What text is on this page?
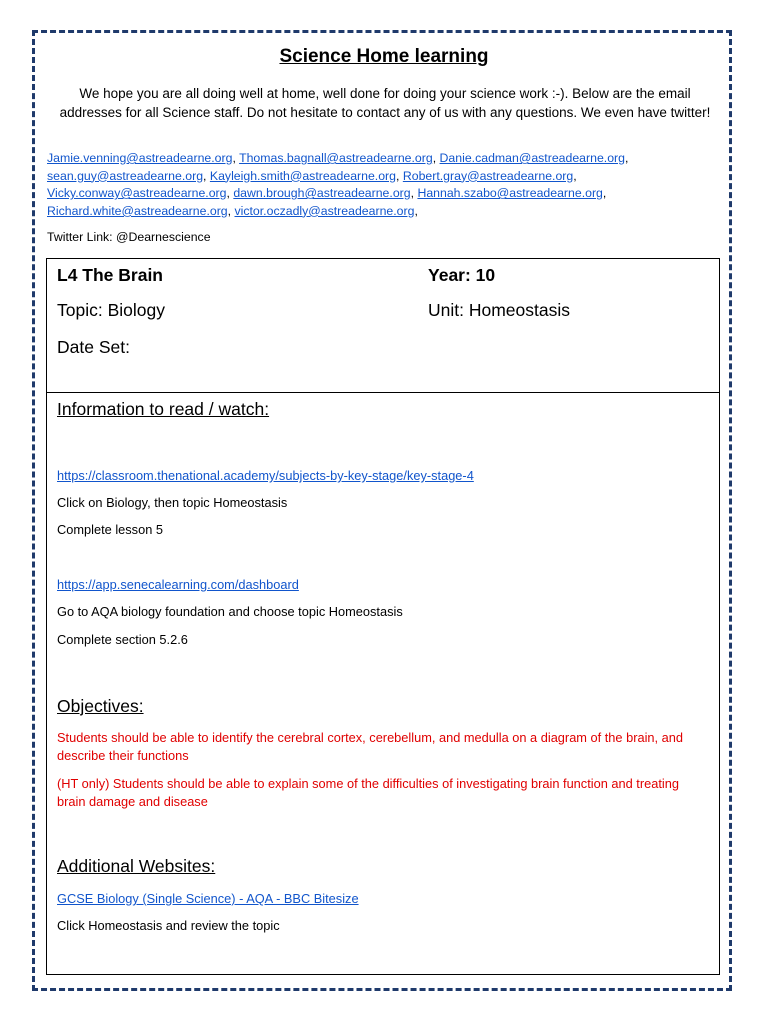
Science Home learning
We hope you are all doing well at home, well done for doing your science work :-). Below are the email addresses for all Science staff. Do not hesitate to contact any of us with any questions. We even have twitter!
Jamie.venning@astreadearne.org, Thomas.bagnall@astreadearne.org, Danie.cadman@astreadearne.org,
sean.guy@astreadearne.org, Kayleigh.smith@astreadearne.org, Robert.gray@astreadearne.org,
Vicky.conway@astreadearne.org, dawn.brough@astreadearne.org, Hannah.szabo@astreadearne.org,
Richard.white@astreadearne.org, victor.oczadly@astreadearne.org,
Twitter Link: @Dearnescience
L4 The Brain	Year: 10
Topic: Biology	Unit: Homeostasis
Date Set:
Information to read / watch:
https://classroom.thenational.academy/subjects-by-key-stage/key-stage-4
Click on Biology, then topic Homeostasis
Complete lesson 5
https://app.senecalearning.com/dashboard
Go to AQA biology foundation and choose topic Homeostasis
Complete section 5.2.6
Objectives:
Students should be able to identify the cerebral cortex, cerebellum, and medulla on a diagram of the brain, and describe their functions
(HT only) Students should be able to explain some of the difficulties of investigating brain function and treating brain damage and disease
Additional Websites:
GCSE Biology (Single Science) - AQA - BBC Bitesize
Click Homeostasis and review the topic
